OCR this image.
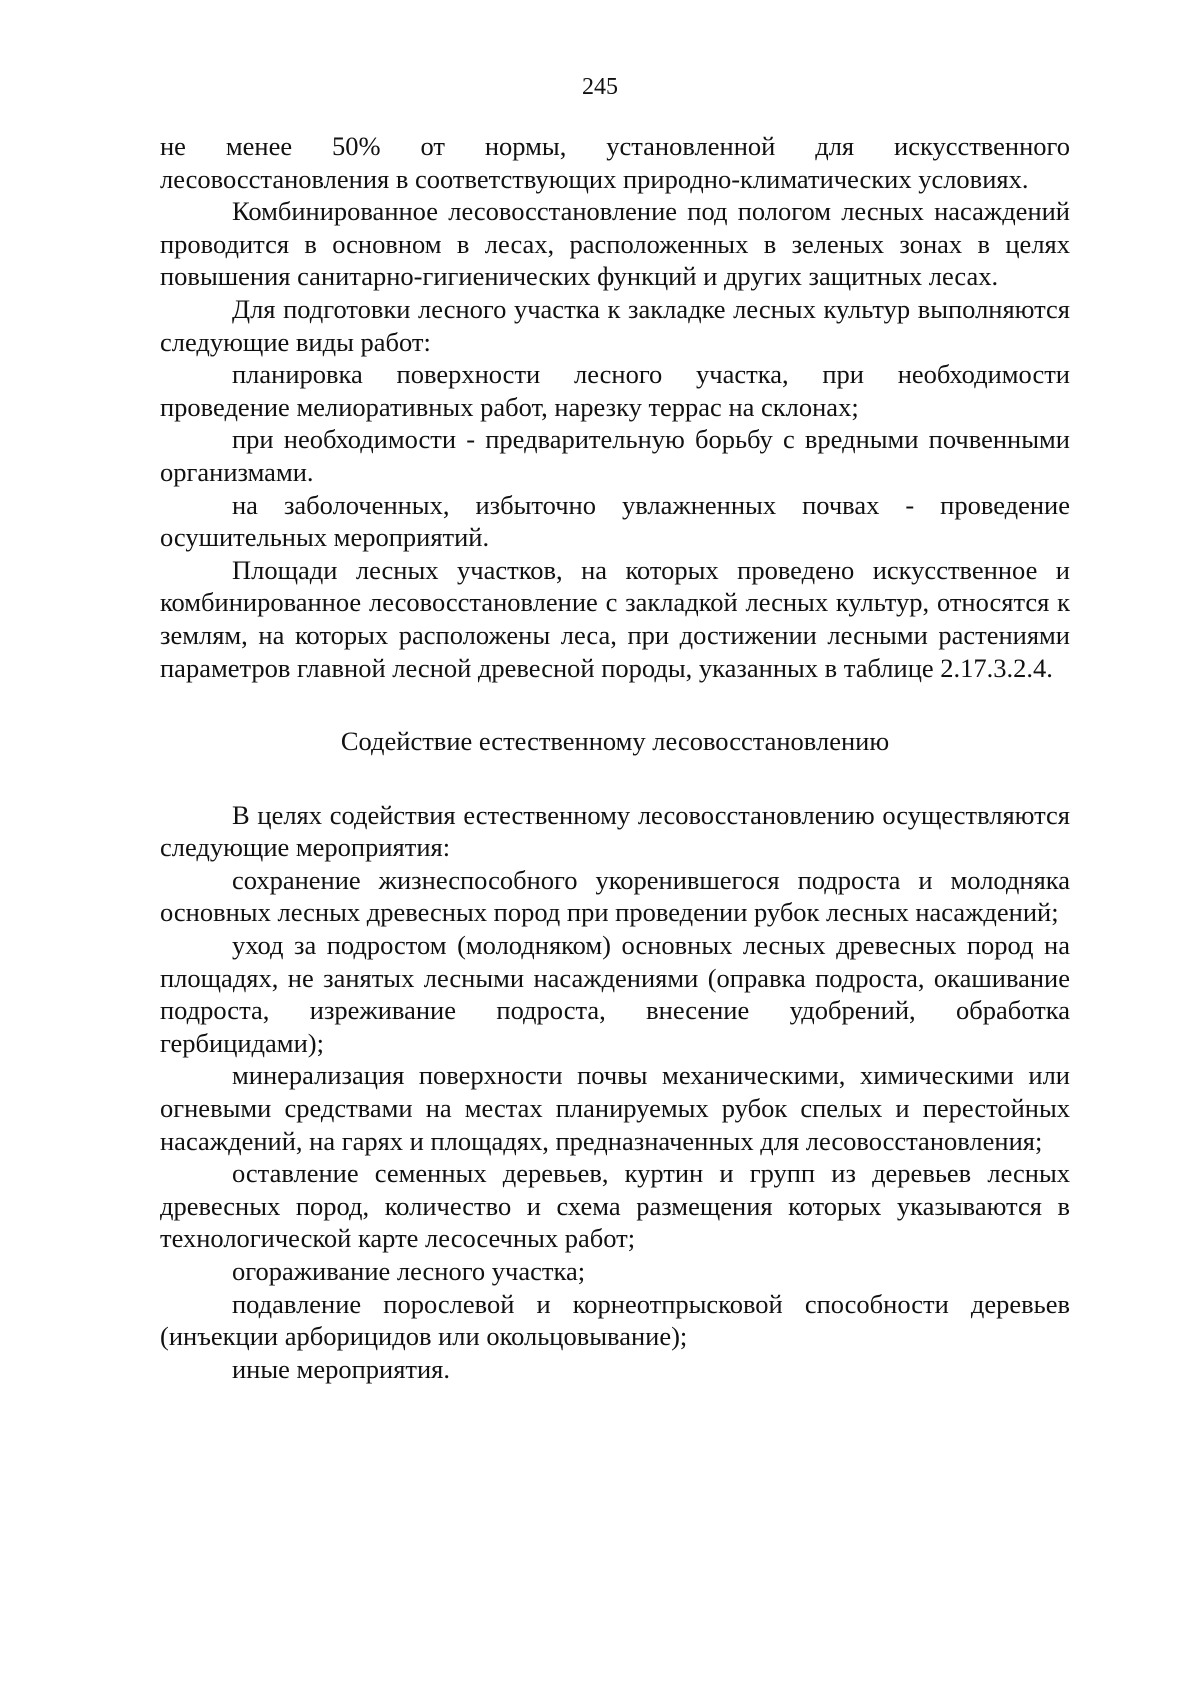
245

не менее 50% от нормы, установленной для искусственного лесовосстановления в соответствующих природно-климатических условиях.

Комбинированное лесовосстановление под пологом лесных насаждений проводится в основном в лесах, расположенных в зеленых зонах в целях повышения санитарно-гигиенических функций и других защитных лесах.

Для подготовки лесного участка к закладке лесных культур выполняются следующие виды работ:

планировка поверхности лесного участка, при необходимости проведение мелиоративных работ, нарезку террас на склонах;

при необходимости - предварительную борьбу с вредными почвенными организмами.

на заболоченных, избыточно увлажненных почвах - проведение осушительных мероприятий.

Площади лесных участков, на которых проведено искусственное и комбинированное лесовосстановление с закладкой лесных культур, относятся к землям, на которых расположены леса, при достижении лесными растениями параметров главной лесной древесной породы, указанных в таблице 2.17.3.2.4.

Содействие естественному лесовосстановлению

В целях содействия естественному лесовосстановлению осуществляются следующие мероприятия:

сохранение жизнеспособного укоренившегося подроста и молодняка основных лесных древесных пород при проведении рубок лесных насаждений;

уход за подростом (молодняком) основных лесных древесных пород на площадях, не занятых лесными насаждениями (оправка подроста, окашивание подроста, изреживание подроста, внесение удобрений, обработка гербицидами);

минерализация поверхности почвы механическими, химическими или огневыми средствами на местах планируемых рубок спелых и перестойных насаждений, на гарях и площадях, предназначенных для лесовосстановления;

оставление семенных деревьев, куртин и групп из деревьев лесных древесных пород, количество и схема размещения которых указываются в технологической карте лесосечных работ;

огораживание лесного участка;

подавление порослевой и корнеотпрысковой способности деревьев (инъекции арборицидов или окольцовывание);

иные мероприятия.
